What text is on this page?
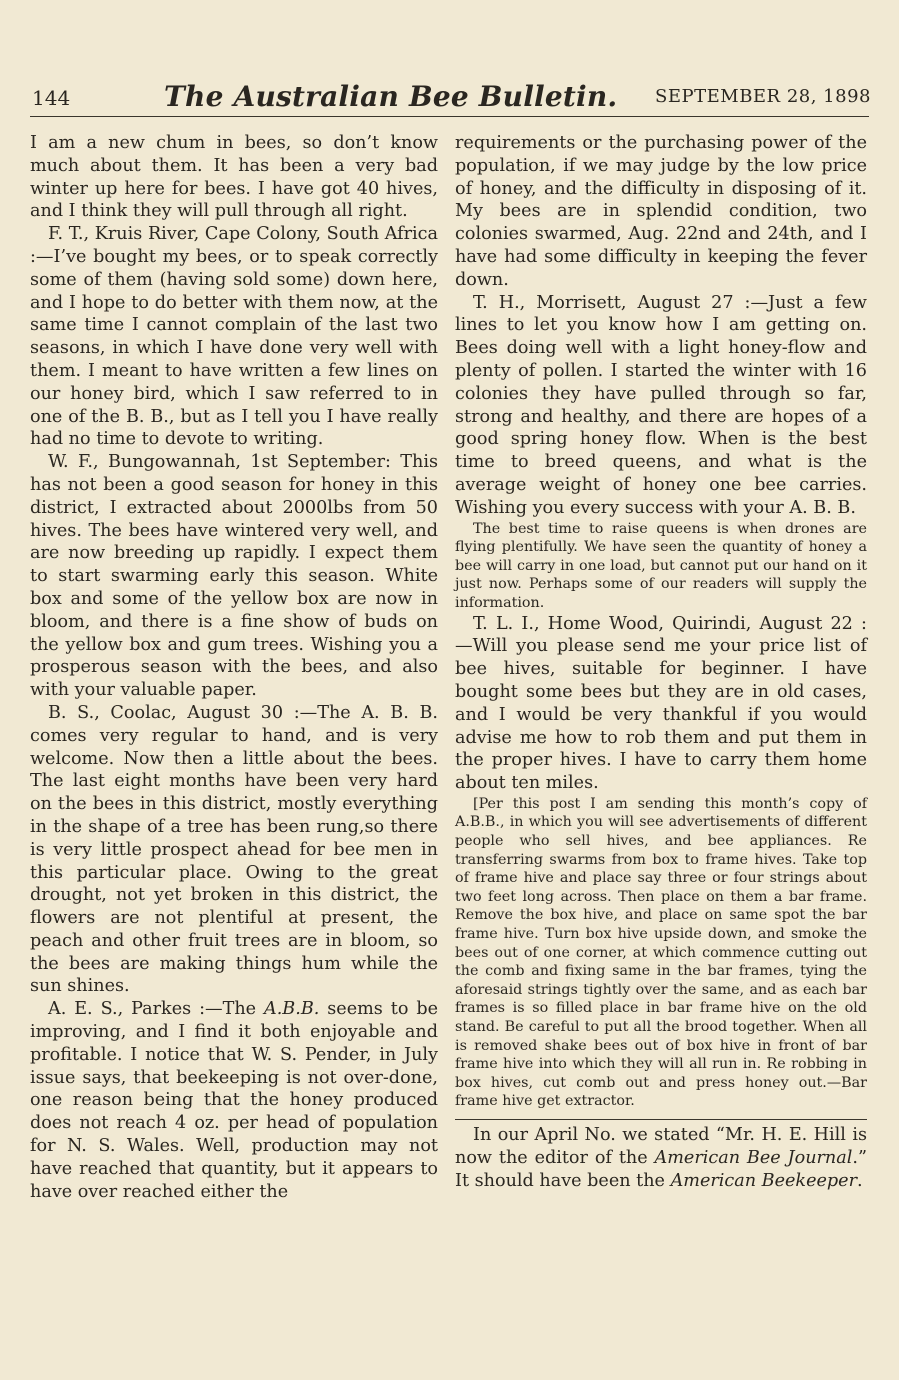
144	The Australian Bee Bulletin. SEPTEMBER 28, 1898

I am a new chum in bees, so don’t know much about them. It has been a very bad winter up here for bees. I have got 40 hives, and I think they will pull through all right.

F. T., Kruis River, Cape Colony, South Africa :—I’ve bought my bees, or to speak correctly some of them (having sold some) down here, and I hope to do better with them now, at the same time I cannot complain of the last two seasons, in which I have done very well with them. I meant to have written a few lines on our honey bird, which I saw referred to in one of the B. B., but as I tell you I have really had no time to devote to writing.

W. F., Bungowannah, 1st September: This has not been a good season for honey in this district, I extracted about 2000lbs from 50 hives. The bees have wintered very well, and are now breeding up rapidly. I expect them to start swarming early this season. White box and some of the yellow box are now in bloom, and there is a fine show of buds on the yellow box and gum trees. Wishing you a prosperous season with the bees, and also with your valuable paper.

B. S., Coolac, August 30 :—The A. B. B. comes very regular to hand, and is very welcome. Now then a little about the bees. The last eight months have been very hard on the bees in this district, mostly everything in the shape of a tree has been rung,so there is very little prospect ahead for bee men in this particular place. Owing to the great drought, not yet broken in this district, the flowers are not plentiful at present, the peach and other fruit trees are in bloom, so the bees are making things hum while the sun shines.

A. E. S., Parkes :—The A.B.B. seems to be improving, and I find it both enjoyable and profitable. I notice that W. S. Pender, in July issue says, that beekeeping is not over-done, one reason being that the honey produced does not reach 4 oz. per head of population for N. S. Wales. Well, production may not have reached that quantity, but it appears to have over reached either the

requirements or the purchasing power of the population, if we may judge by the low price of honey, and the difficulty in disposing of it. My bees are in splendid condition, two colonies swarmed, Aug. 22nd and 24th, and I have had some difficulty in keeping the fever down.

T. H., Morrisett, August 27 :—Just a few lines to let you know how I am getting on. Bees doing well with a light honey-flow and plenty of pollen. I started the winter with 16 colonies they have pulled through so far, strong and healthy, and there are hopes of a good spring honey flow. When is the best time to breed queens, and what is the average weight of honey one bee carries. Wishing you every success with your A. B. B.

The best time to raise queens is when drones are flying plentifully. We have seen the quantity of honey a bee will carry in one load, but cannot put our hand on it just now. Perhaps some of our readers will supply the information.

T. L. I., Home Wood, Quirindi, August 22 : —Will you please send me your price list of bee hives, suitable for beginner. I have bought some bees but they are in old cases, and I would be very thankful if you would advise me how to rob them and put them in the proper hives. I have to carry them home about ten miles.

[Per this post I am sending this month’s copy of A.B.B., in which you will see advertisements of different people who sell hives, and bee appliances. Re transferring swarms from box to frame hives. Take top of frame hive and place say three or four strings about two feet long across. Then place on them a bar frame. Remove the box hive, and place on same spot the bar frame hive. Turn box hive upside down, and smoke the bees out of one corner, at which commence cutting out the comb and fixing same in the bar frames, tying the aforesaid strings tightly over the same, and as each bar frames is so filled place in bar frame hive on the old stand. Be careful to put all the brood together. When all is removed shake bees out of box hive in front of bar frame hive into which they will all run in. Re robbing in box hives, cut comb out and press honey out.—Bar frame hive get extractor.

In our April No. we stated “Mr. H. E. Hill is now the editor of the American Bee Journal.” It should have been the American Beekeeper.
